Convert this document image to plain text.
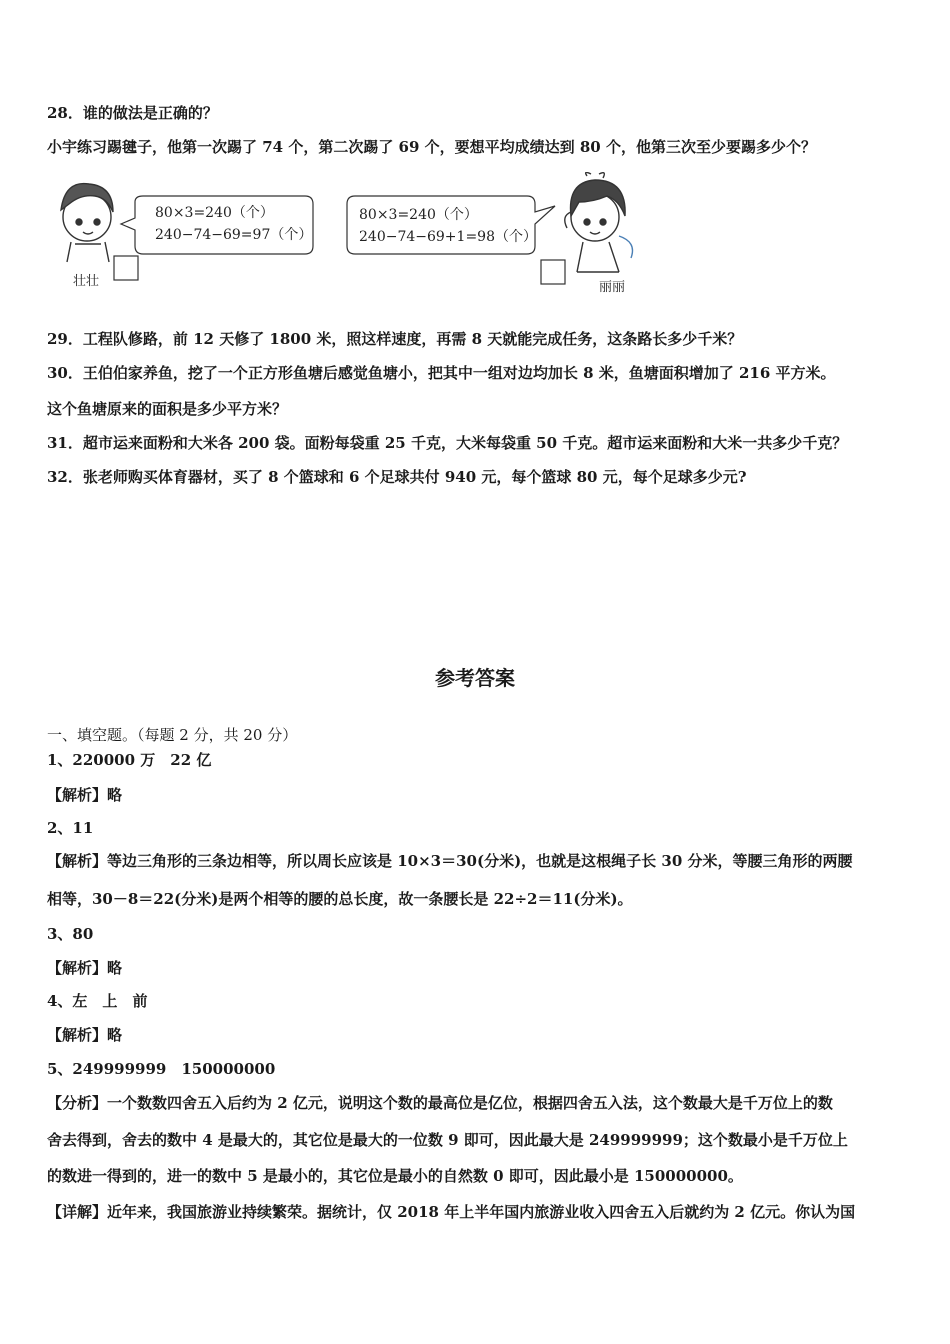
28．谁的做法是正确的？
小宇练习踢毽子，他第一次踢了 74 个，第二次踢了 69 个，要想平均成绩达到 80 个，他第三次至少要踢多少个？
80×3=240（个）
240−74−69=97（个）
80×3=240（个）
240−74−69+1=98（个）
壮壮	丽丽
29．工程队修路，前 12 天修了 1800 米，照这样速度，再需 8 天就能完成任务，这条路长多少千米？
30．王伯伯家养鱼，挖了一个正方形鱼塘后感觉鱼塘小，把其中一组对边均加长 8 米，鱼塘面积增加了 216 平方米。
这个鱼塘原来的面积是多少平方米？
31．超市运来面粉和大米各 200 袋。面粉每袋重 25 千克，大米每袋重 50 千克。超市运来面粉和大米一共多少千克？
32．张老师购买体育器材，买了 8 个篮球和 6 个足球共付 940 元，每个篮球 80 元，每个足球多少元?
参考答案
一、填空题。（每题 2 分，共 20 分）
1、220000 万　22 亿
【解析】略
2、11
【解析】等边三角形的三条边相等，所以周长应该是 10×3＝30(分米)，也就是这根绳子长 30 分米，等腰三角形的两腰
相等，30－8＝22(分米)是两个相等的腰的总长度，故一条腰长是 22÷2＝11(分米)。
3、80
【解析】略
4、左　上　前
【解析】略
5、249999999　150000000
【分析】一个数数四舍五入后约为 2 亿元，说明这个数的最高位是亿位，根据四舍五入法，这个数最大是千万位上的数
舍去得到，舍去的数中 4 是最大的，其它位是最大的一位数 9 即可，因此最大是 249999999；这个数最小是千万位上
的数进一得到的，进一的数中 5 是最小的，其它位是最小的自然数 0 即可，因此最小是 150000000。
【详解】近年来，我国旅游业持续繁荣。据统计，仅 2018 年上半年国内旅游业收入四舍五入后就约为 2 亿元。你认为国
